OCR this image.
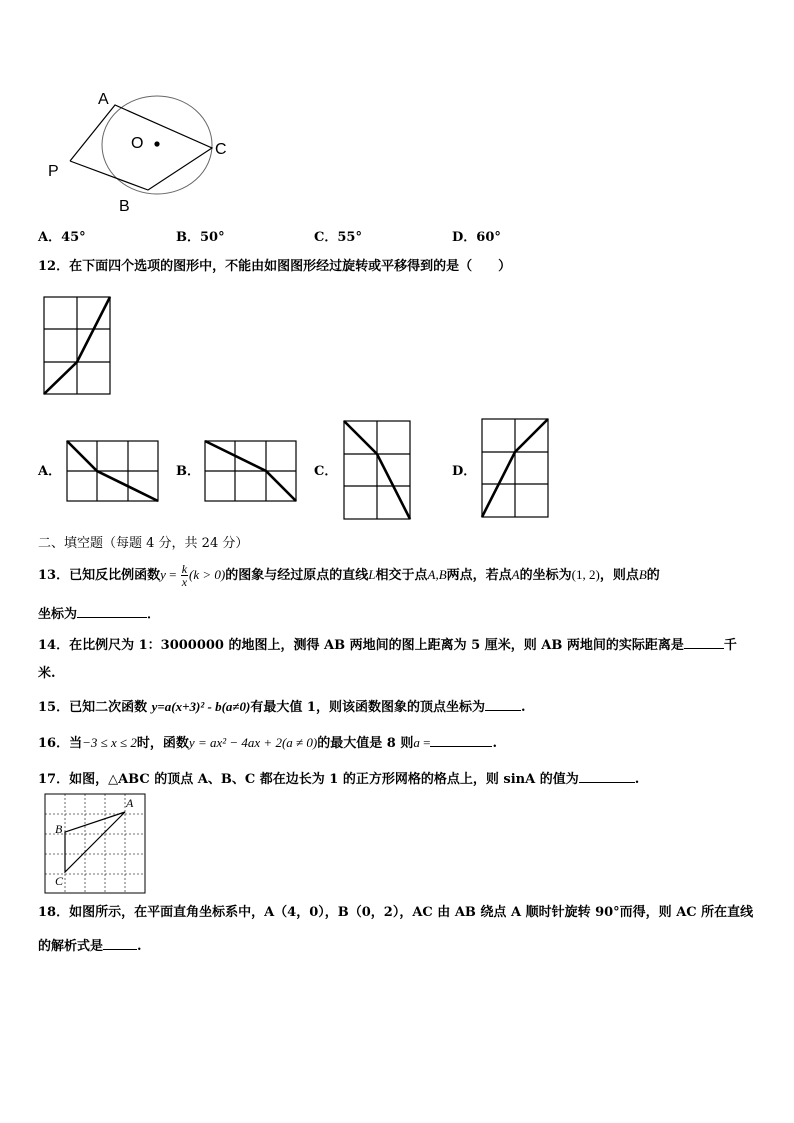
A
O	C
P
B
A．45°	B．50°	C．55°	D．60°
12．在下面四个选项的图形中，不能由如图图形经过旋转或平移得到的是（　　）
A．	B．	C．	D．
二、填空题（每题 4 分，共 24 分）
13．已知反比例函数$y = \frac{k}{x} (k > 0)$的图象与经过原点的直线L相交于点A,B两点，若点A的坐标为(1, 2)，则点B的
坐标为	．
14．在比例尺为 1：3000000 的地图上，测得 AB 两地间的图上距离为 5 厘米，则 AB 两地间的实际距离是	千
米.
15．已知二次函数 y=a(x+3)² - b(a≠0)有最大值 1，则该函数图象的顶点坐标为	.
16．当−3 ≤ x ≤ 2时，函数y = ax² − 4ax + 2(a ≠ 0)的最大值是 8 则a =	.
17．如图，△ABC 的顶点 A、B、C 都在边长为 1 的正方形网格的格点上，则 sinA 的值为	.
A
B
C
18．如图所示，在平面直角坐标系中，A（4，0），B（0，2），AC 由 AB 绕点 A 顺时针旋转 90°而得，则 AC 所在直线
的解析式是	.
